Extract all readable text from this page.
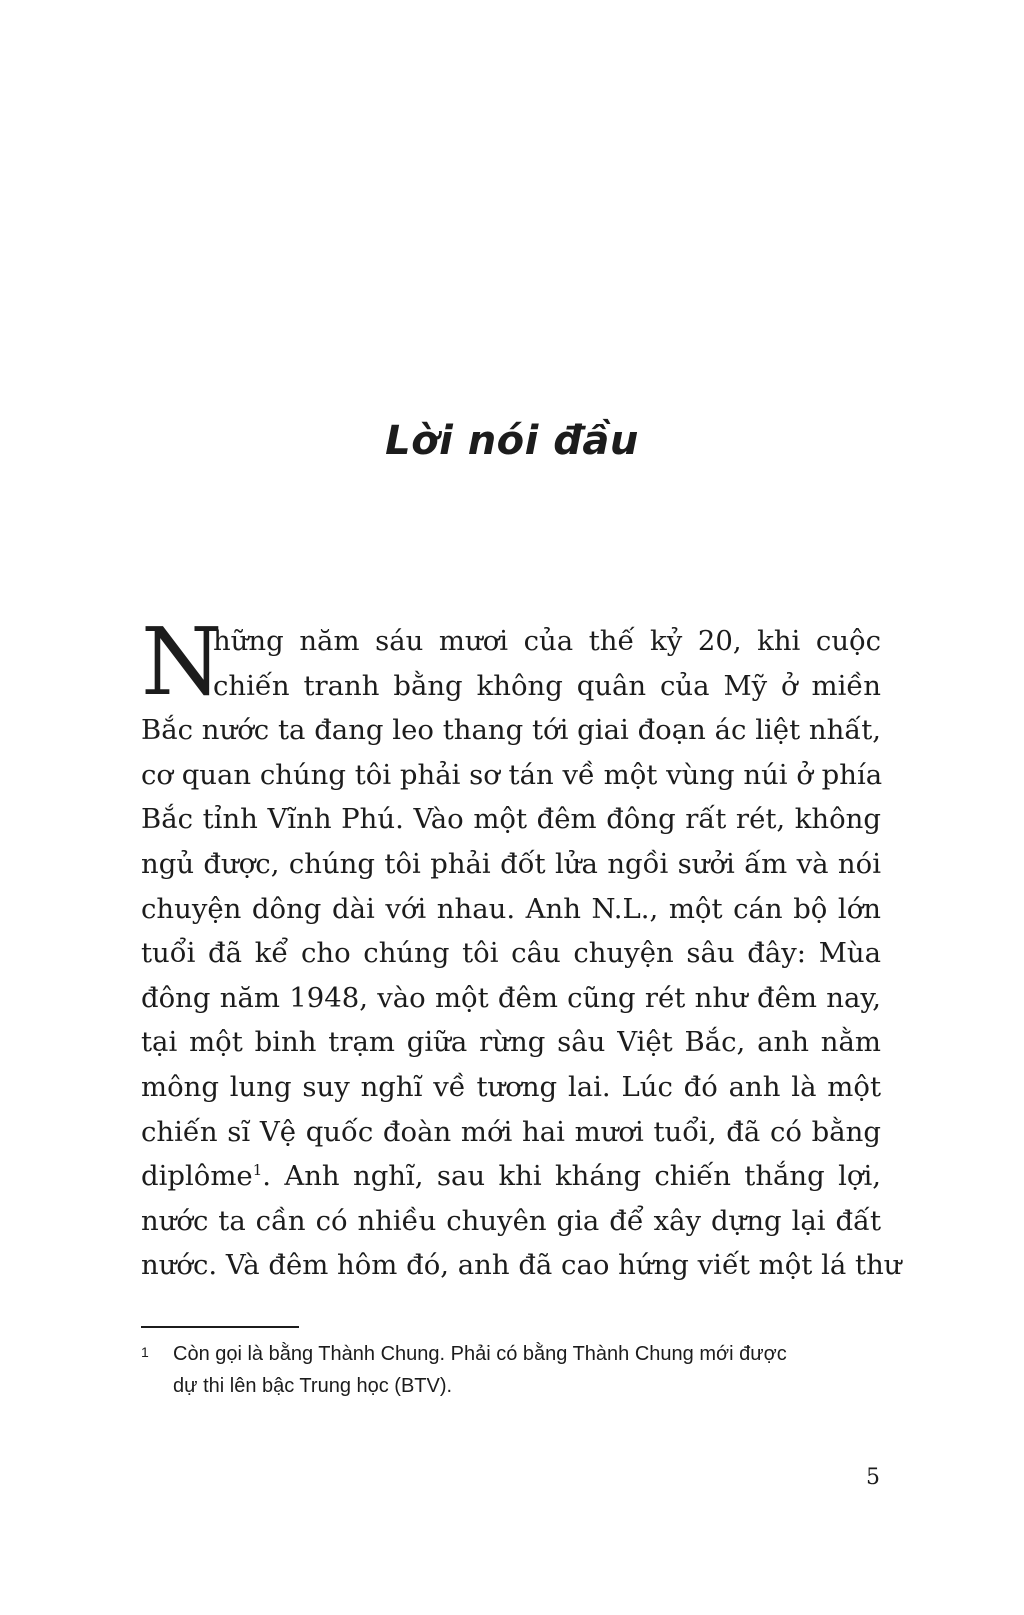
Lời nói đầu
N
hững năm sáu mươi của thế kỷ 20, khi cuộc
chiến tranh bằng không quân của Mỹ ở miền
Bắc nước ta đang leo thang tới giai đoạn ác liệt nhất,
cơ quan chúng tôi phải sơ tán về một vùng núi ở phía
Bắc tỉnh Vĩnh Phú. Vào một đêm đông rất rét, không
ngủ được, chúng tôi phải đốt lửa ngồi sưởi ấm và nói
chuyện dông dài với nhau. Anh N.L., một cán bộ lớn
tuổi đã kể cho chúng tôi câu chuyện sâu đây: Mùa
đông năm 1948, vào một đêm cũng rét như đêm nay,
tại một binh trạm giữa rừng sâu Việt Bắc, anh nằm
mông lung suy nghĩ về tương lai. Lúc đó anh là một
chiến sĩ Vệ quốc đoàn mới hai mươi tuổi, đã có bằng
diplôme$^1$. Anh nghĩ, sau khi kháng chiến thắng lợi,
nước ta cần có nhiều chuyên gia để xây dựng lại đất
nước. Và đêm hôm đó, anh đã cao hứng viết một lá thư
1 Còn gọi là bằng Thành Chung. Phải có bằng Thành Chung mới được
dự thi lên bậc Trung học (BTV).
5
